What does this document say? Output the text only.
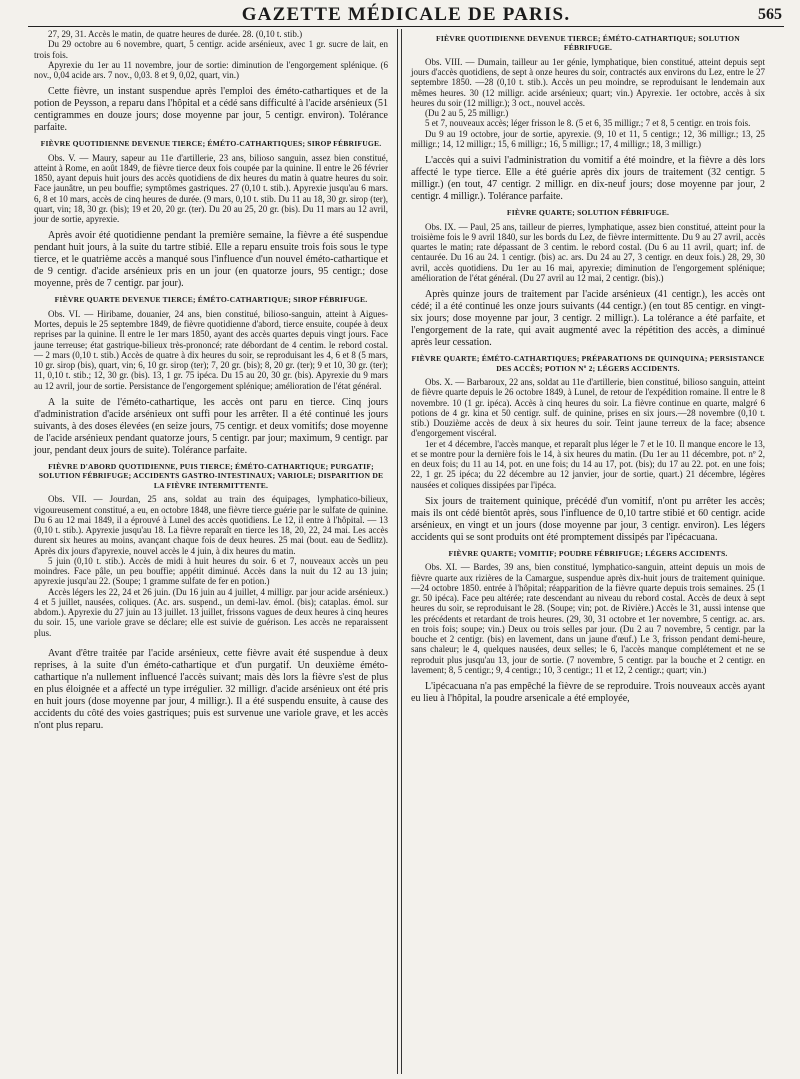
GAZETTE MÉDICALE DE PARIS.	565

27, 29, 31. Accès le matin, de quatre heures de durée. 28. (0,10 t. stib.)

Du 29 octobre au 6 novembre, quart, 5 centigr. acide arsénieux, avec 1 gr. sucre de lait, en trois fois.

Apyrexie du 1er au 11 novembre, jour de sortie: diminution de l'engorgement splénique. (6 nov., 0,04 acide ars. 7 nov., 0,03. 8 et 9, 0,02, quart, vin.)

Cette fièvre, un instant suspendue après l'emploi des éméto-cathartiques et de la potion de Peysson, a reparu dans l'hôpital et a cédé sans difficulté à l'acide arsénieux (51 centigrammes en douze jours; dose moyenne par jour, 5 centigr. environ). Tolérance parfaite.

FIÈVRE QUOTIDIENNE DEVENUE TIERCE; ÉMÉTO-CATHARTIQUES; SIROP FÉBRIFUGE.

Obs. V. — Maury, sapeur au 11e d'artillerie, 23 ans, bilioso sanguin, assez bien constitué, atteint à Rome, en août 1849, de fièvre tierce deux fois coupée par la quinine. Il entre le 26 février 1850, ayant depuis huit jours des accès quotidiens de dix heures du matin à quatre heures du soir. Face jaunâtre, un peu bouffie; symptômes gastriques. 27 (0,10 t. stib.). Apyrexie jusqu'au 6 mars. 6, 8 et 10 mars, accès de cinq heures de durée. (9 mars, 0,10 t. stib. Du 11 au 18, 30 gr. sirop (ter), quart, vin; 18, 30 gr. (bis); 19 et 20, 20 gr. (ter). Du 20 au 25, 20 gr. (bis). Du 11 mars au 12 avril, jour de sortie, apyrexie.

Après avoir été quotidienne pendant la première semaine, la fièvre a été suspendue pendant huit jours, à la suite du tartre stibié. Elle a reparu ensuite trois fois sous le type tierce, et le quatrième accès a manqué sous l'influence d'un nouvel éméto-cathartique et de 9 centigr. d'acide arsénieux pris en un jour (en quatorze jours, 95 centigr.; dose moyenne, près de 7 centigr. par jour).

FIÈVRE QUARTE DEVENUE TIERCE; ÉMÉTO-CATHARTIQUE; SIROP FÉBRIFUGE.

Obs. VI. — Hiribame, douanier, 24 ans, bien constitué, bilioso-sanguin, atteint à Aigues-Mortes, depuis le 25 septembre 1849, de fièvre quotidienne d'abord, tierce ensuite, coupée à deux reprises par la quinine. Il entre le 1er mars 1850, ayant des accès quartes depuis vingt jours. Face jaune terreuse; état gastrique-bilieux très-prononcé; rate débordant de 4 centim. le rebord costal. — 2 mars (0,10 t. stib.) Accès de quatre à dix heures du soir, se reproduisant les 4, 6 et 8 (5 mars, 10 gr. sirop (bis), quart, vin; 6, 10 gr. sirop (ter); 7, 20 gr. (bis); 8, 20 gr. (ter); 9 et 10, 30 gr. (ter); 11, 0,10 t. stib.; 12, 30 gr. (bis). 13, 1 gr. 75 ipéca. Du 15 au 20, 30 gr. (bis). Apyrexie du 9 mars au 12 avril, jour de sortie. Persistance de l'engorgement splénique; amélioration de l'état général.

A la suite de l'éméto-cathartique, les accès ont paru en tierce. Cinq jours d'administration d'acide arsénieux ont suffi pour les arrêter. Il a été continué les jours suivants, à des doses élevées (en seize jours, 75 centigr. et deux vomitifs; dose moyenne de l'acide arsénieux pendant quatorze jours, 5 centigr. par jour; maximum, 9 centigr. par jour, pendant deux jours de suite). Tolérance parfaite.

FIÈVRE D'ABORD QUOTIDIENNE, PUIS TIERCE; ÉMÉTO-CATHARTIQUE; PURGATIF; SOLUTION FÉBRIFUGE; ACCIDENTS GASTRO-INTESTINAUX; VARIOLE; DISPARITION DE LA FIÈVRE INTERMITTENTE.

Obs. VII. — Jourdan, 25 ans, soldat au train des équipages, lymphatico-bilieux, vigoureusement constitué, a eu, en octobre 1848, une fièvre tierce guérie par le sulfate de quinine. Du 6 au 12 mai 1849, il a éprouvé à Lunel des accès quotidiens. Le 12, il entre à l'hôpital. — 13 (0,10 t. stib.). Apyrexie jusqu'au 18. La fièvre reparaît en tierce les 18, 20, 22, 24 mai. Les accès durent six heures au moins, avançant chaque fois de deux heures. 25 mai (bout. eau de Sedlitz). Après dix jours d'apyrexie, nouvel accès le 4 juin, à dix heures du matin.

5 juin (0,10 t. stib.). Accès de midi à huit heures du soir. 6 et 7, nouveaux accès un peu moindres. Face pâle, un peu bouffie; appétit diminué. Accès dans la nuit du 12 au 13 juin; apyrexie jusqu'au 22. (Soupe; 1 gramme sulfate de fer en potion.)

Accès légers les 22, 24 et 26 juin. (Du 16 juin au 4 juillet, 4 milligr. par jour acide arsénieux.) 4 et 5 juillet, nausées, coliques. (Ac. ars. suspend., un demi-lav. émol. (bis); cataplas. émol. sur abdom.). Apyrexie du 27 juin au 13 juillet. 13 juillet, frissons vagues de deux heures à cinq heures du soir. 15, une variole grave se déclare; elle est suivie de guérison. Les accès ne reparaissent plus.

Avant d'être traitée par l'acide arsénieux, cette fièvre avait été suspendue à deux reprises, à la suite d'un éméto-cathartique et d'un purgatif. Un deuxième éméto-cathartique n'a nullement influencé l'accès suivant; mais dès lors la fièvre s'est de plus en plus éloignée et a affecté un type irrégulier. 32 milligr. d'acide arsénieux ont été pris en huit jours (dose moyenne par jour, 4 milligr.). Il a été suspendu ensuite, à cause des accidents du côté des voies gastriques; puis est survenue une variole grave, et les accès n'ont plus reparu.

FIÈVRE QUOTIDIENNE DEVENUE TIERCE; ÉMÉTO-CATHARTIQUE; SOLUTION FÉBRIFUGE.

Obs. VIII. — Dumain, tailleur au 1er génie, lymphatique, bien constitué, atteint depuis sept jours d'accès quotidiens, de sept à onze heures du soir, contractés aux environs du Lez, entre le 27 septembre 1850. —28 (0,10 t. stib.). Accès un peu moindre, se reproduisant le lendemain aux mêmes heures. 30 (12 milligr. acide arsénieux; quart; vin.) Apyrexie. 1er octobre, accès à six heures du soir (12 milligr.); 3 oct., nouvel accès.

(Du 2 au 5, 25 milligr.)

5 et 7, nouveaux accès; léger frisson le 8. (5 et 6, 35 milligr.; 7 et 8, 5 centigr. en trois fois.

Du 9 au 19 octobre, jour de sortie, apyrexie. (9, 10 et 11, 5 centigr.; 12, 36 milligr.; 13, 25 milligr.; 14, 12 milligr.; 15, 6 milligr.; 16, 5 milligr.; 17, 4 milligr.; 18, 3 milligr.)

L'accès qui a suivi l'administration du vomitif a été moindre, et la fièvre a dès lors affecté le type tierce. Elle a été guérie après dix jours de traitement (32 centigr. 5 milligr.) (en tout, 47 centigr. 2 milligr. en dix-neuf jours; dose moyenne par jour, 2 centigr. 4 milligr.). Tolérance parfaite.

FIÈVRE QUARTE; SOLUTION FÉBRIFUGE.

Obs. IX. — Paul, 25 ans, tailleur de pierres, lymphatique, assez bien constitué, atteint pour la troisième fois le 9 avril 1840, sur les bords du Lez, de fièvre intermittente. Du 9 au 27 avril, accès quartes le matin; rate dépassant de 3 centim. le rebord costal. (Du 6 au 11 avril, quart; inf. de centaurée. Du 16 au 24. 1 centigr. (bis) ac. ars. Du 24 au 27, 3 centigr. en deux fois.) 28, 29, 30 avril, accès quotidiens. Du 1er au 16 mai, apyrexie; diminution de l'engorgement splénique; amélioration de l'état général. (Du 27 avril au 12 mai, 2 centigr. (bis).)

Après quinze jours de traitement par l'acide arsénieux (41 centigr.), les accès ont cédé; il a été continué les onze jours suivants (44 centigr.) (en tout 85 centigr. en vingt-six jours; dose moyenne par jour, 3 centigr. 2 milligr.). La tolérance a été parfaite, et l'engorgement de la rate, qui avait augmenté avec la répétition des accès, a diminué après leur cessation.

FIÈVRE QUARTE; ÉMÉTO-CATHARTIQUES; PRÉPARATIONS DE QUINQUINA; PERSISTANCE DES ACCÈS; POTION Nº 2; LÉGERS ACCIDENTS.

Obs. X. — Barbaroux, 22 ans, soldat au 11e d'artillerie, bien constitué, bilioso sanguin, atteint de fièvre quarte depuis le 26 octobre 1849, à Lunel, de retour de l'expédition romaine. Il entre le 8 novembre. 10 (1 gr. ipéca). Accès à cinq heures du soir. La fièvre continue en quarte, malgré 6 potions de 4 gr. kina et 50 centigr. sulf. de quinine, prises en six jours.—28 novembre (0,10 t. stib.) Douzième accès de deux à six heures du soir. Teint jaune terreux de la face; absence d'engorgement viscéral.

1er et 4 décembre, l'accès manque, et reparaît plus léger le 7 et le 10. Il manque encore le 13, et se montre pour la dernière fois le 14, à six heures du matin. (Du 1er au 11 décembre, pot. nº 2, en deux fois; du 11 au 14, pot. en une fois; du 14 au 17, pot. (bis); du 17 au 22. pot. en une fois; 22, 1 gr. 25 ipéca; du 22 décembre au 12 janvier, jour de sortie, quart.) 21 décembre, légères nausées et coliques dissipées par l'ipéca.

Six jours de traitement quinique, précédé d'un vomitif, n'ont pu arrêter les accès; mais ils ont cédé bientôt après, sous l'influence de 0,10 tartre stibié et 60 centigr. acide arsénieux, en vingt et un jours (dose moyenne par jour, 3 centigr. environ). Les légers accidents qui se sont produits ont été promptement dissipés par l'ipécacuana.

FIÈVRE QUARTE; VOMITIF; POUDRE FÉBRIFUGE; LÉGERS ACCIDENTS.

Obs. XI. — Bardes, 39 ans, bien constitué, lymphatico-sanguin, atteint depuis un mois de fièvre quarte aux rizières de la Camargue, suspendue après dix-huit jours de traitement quinique.—24 octobre 1850. entrée à l'hôpital; réapparition de la fièvre quarte depuis trois semaines. 25 (1 gr. 50 ipéca). Face peu altérée; rate descendant au niveau du rebord costal. Accès de deux à sept heures du soir, se reproduisant le 28. (Soupe; vin; pot. de Rivière.) Accès le 31, aussi intense que les précédents et retardant de trois heures. (29, 30, 31 octobre et 1er novembre, 5 centigr. ac. ars. en trois fois; soupe; vin.) Deux ou trois selles par jour. (Du 2 au 7 novembre, 5 centigr. par la bouche et 2 centigr. (bis) en lavement, dans un jaune d'œuf.) Le 3, frisson pendant demi-heure, sans chaleur; le 4, quelques nausées, deux selles; le 6, l'accès manque complétement et ne se reproduit plus jusqu'au 13, jour de sortie. (7 novembre, 5 centigr. par la bouche et 2 centigr. en lavement; 8, 5 centigr.; 9, 4 centigr.; 10, 3 centigr.; 11 et 12, 2 centigr.; quart; vin.)

L'ipécacuana n'a pas empêché la fièvre de se reproduire. Trois nouveaux accès ayant eu lieu à l'hôpital, la poudre arsenicale a été employée,
